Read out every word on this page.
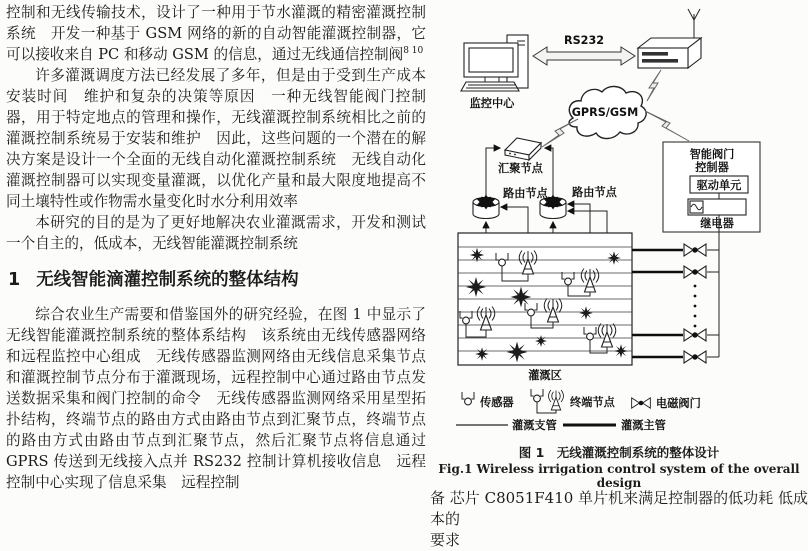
控制和无线传输技术，设计了一种用于节水灌溉的精密灌溉控制系统　开发一种基于 GSM 网络的新的自动智能灌溉控制器，它可以接收来自 PC 和移动 GSM 的信息，通过无线通信控制阀$^{8 10}$

许多灌溉调度方法已经发展了多年，但是由于受到生产成本　安装时间　维护和复杂的决策等原因　一种无线智能阀门控制器，用于特定地点的管理和操作，无线灌溉控制系统相比之前的灌溉控制系统易于安装和维护　因此，这些问题的一个潜在的解决方案是设计一个全面的无线自动化灌溉控制系统　无线自动化灌溉控制器可以实现变量灌溉，以优化产量和最大限度地提高不同土壤特性或作物需水量变化时水分利用效率

本研究的目的是为了更好地解决农业灌溉需求，开发和测试一个自主的，低成本，无线智能灌溉控制系统

1 无线智能滴灌控制系统的整体结构

综合农业生产需要和借鉴国外的研究经验，在图 1 中显示了无线智能灌溉控制系统的整体系结构　该系统由无线传感器网络和远程监控中心组成　无线传感器监测网络由无线信息采集节点和灌溉控制节点分布于灌溉现场，远程控制中心通过路由节点发送数据采集和阀门控制的命令　无线传感器监测网络采用星型拓扑结构，终端节点的路由方式由路由节点到汇聚节点，终端节点的路由方式由路由节点到汇聚节点，然后汇聚节点将信息通过 GPRS 传送到无线接入点并 RS232 控制计算机接收信息　远程控制中心实现了信息采集　远程控制

监控中心
RS232
GPRS/GSM
汇聚节点
路由节点 路由节点
灌溉区
智能阀门
控制器
驱动单元
继电器
传感器	终端节点	电磁阀门
灌溉支管	灌溉主管
图 1　无线灌溉控制系统的整体设计
Fig.1 Wireless irrigation control system of the overall design
备 芯片 C8051F410 单片机来满足控制器的低功耗 低成本的
要求
